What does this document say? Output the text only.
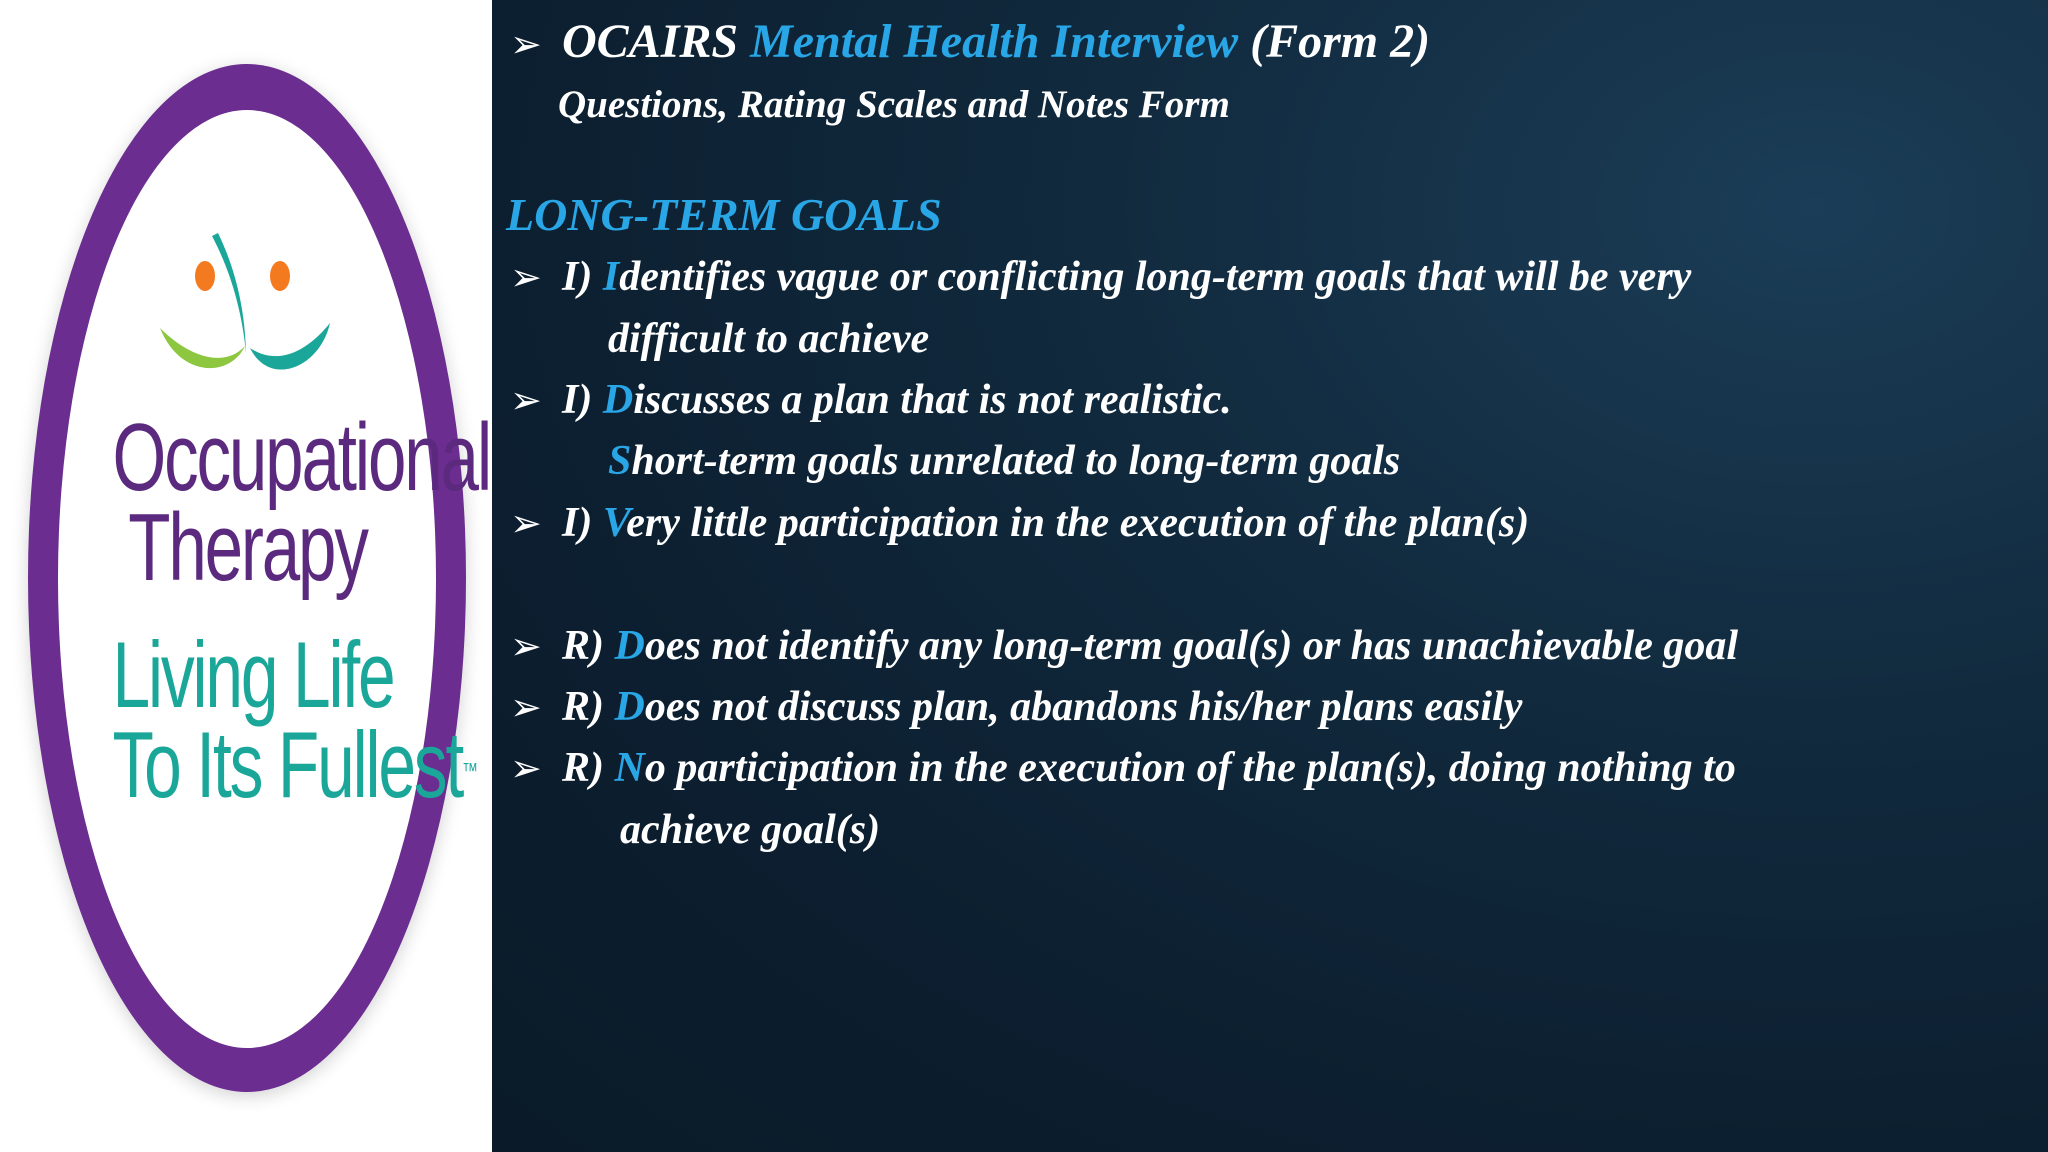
Occupational
Therapy
Living Life
To Its Fullest™
➢ OCAIRS Mental Health Interview (Form 2)
Questions, Rating Scales and Notes Form
LONG-TERM GOALS
➢ I) Identifies vague or conflicting long-term goals that will be very
difficult to achieve
➢ I) Discusses a plan that is not realistic.
Short-term goals unrelated to long-term goals
➢ I) Very little participation in the execution of the plan(s)
➢ R) Does not identify any long-term goal(s) or has unachievable goal
➢ R) Does not discuss plan, abandons his/her plans easily
➢ R) No participation in the execution of the plan(s), doing nothing to
achieve goal(s)
